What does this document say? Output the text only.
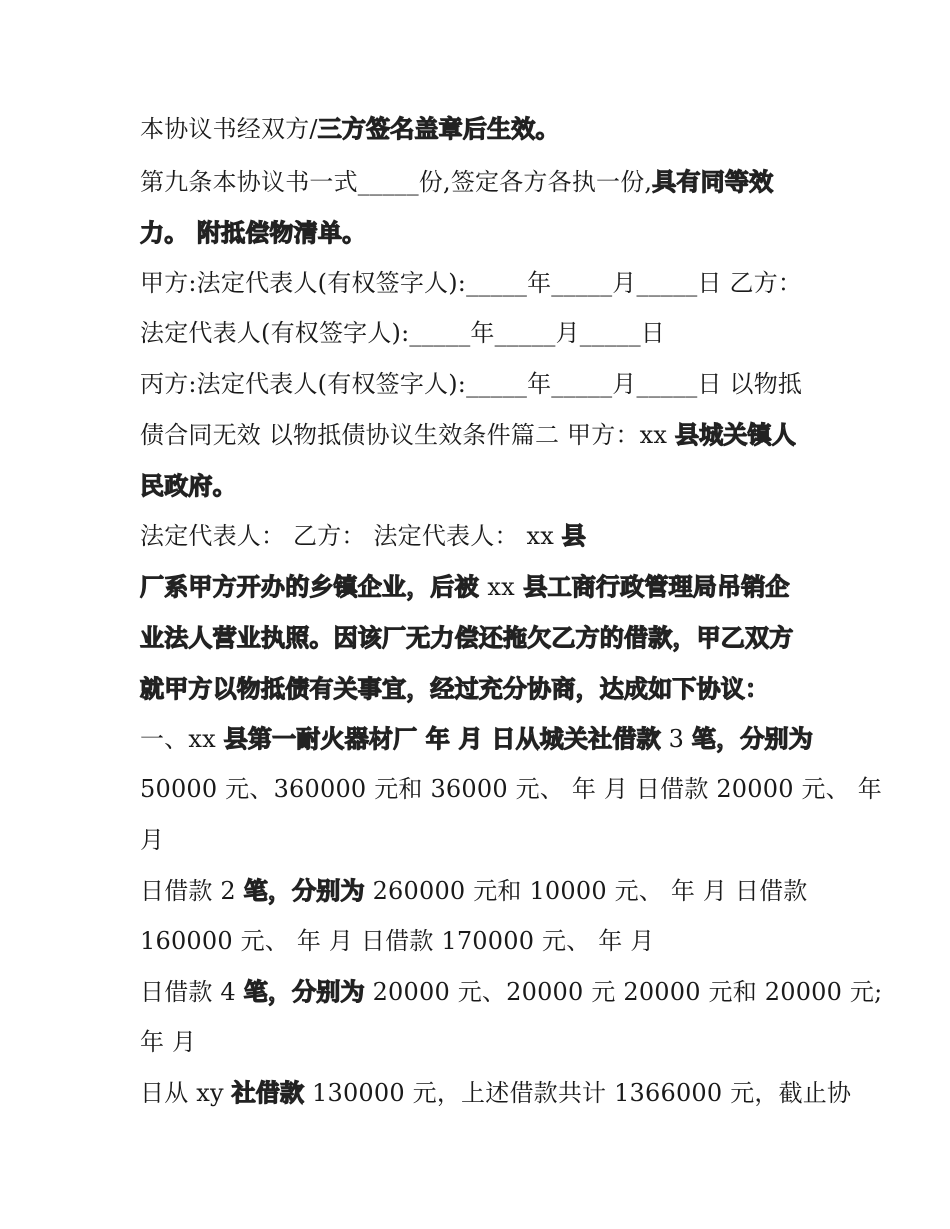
本协议书经双方/三方签名盖章后生效。
第九条本协议书一式_____份,签定各方各执一份,具有同等效
力。 附抵偿物清单。
甲方:法定代表人(有权签字人):_____年_____月_____日 乙方：
法定代表人(有权签字人):_____年_____月_____日
丙方:法定代表人(有权签字人):_____年_____月_____日 以物抵
债合同无效 以物抵债协议生效条件篇二 甲方：xx 县城关镇人
民政府。
法定代表人： 乙方： 法定代表人： xx 县
厂系甲方开办的乡镇企业，后被 xx 县工商行政管理局吊销企
业法人营业执照。因该厂无力偿还拖欠乙方的借款，甲乙双方
就甲方以物抵债有关事宜，经过充分协商，达成如下协议：
一、xx 县第一耐火器材厂 年 月 日从城关社借款 3 笔，分别为
50000 元、360000 元和 36000 元、 年 月 日借款 20000 元、 年
月
日借款 2 笔，分别为 260000 元和 10000 元、 年 月 日借款
160000 元、 年 月 日借款 170000 元、 年 月
日借款 4 笔，分别为 20000 元、20000 元 20000 元和 20000 元;
年 月
日从 xy 社借款 130000 元，上述借款共计 1366000 元，截止协
